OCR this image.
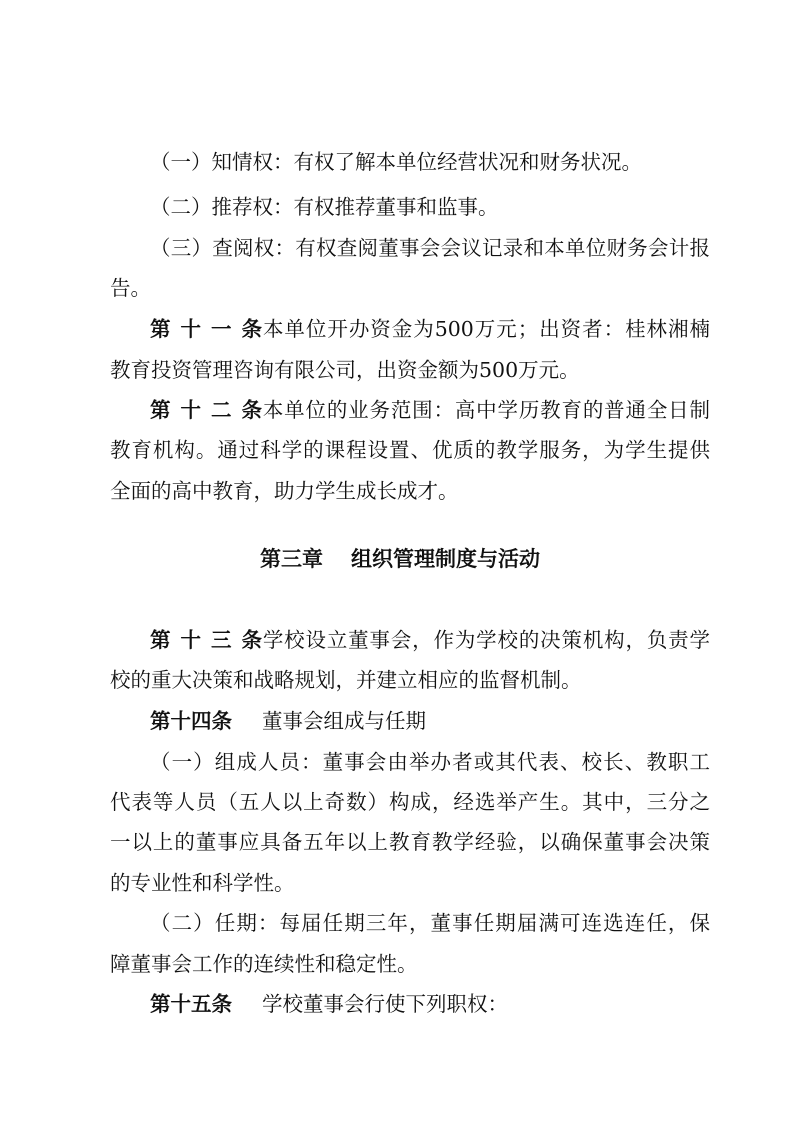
（一）知情权：有权了解本单位经营状况和财务状况。
（二）推荐权：有权推荐董事和监事。
（三）查阅权：有权查阅董事会会议记录和本单位财务会计报
告。
第十一条本单位开办资金为500万元；出资者：桂林湘楠
教育投资管理咨询有限公司，出资金额为500万元。
第十二条本单位的业务范围：高中学历教育的普通全日制
教育机构。通过科学的课程设置、优质的教学服务，为学生提供
全面的高中教育，助力学生成长成才。
第三章 组织管理制度与活动
第十三条学校设立董事会，作为学校的决策机构，负责学
校的重大决策和战略规划，并建立相应的监督机制。
第十四条 董事会组成与任期
（一）组成人员：董事会由举办者或其代表、校长、教职工
代表等人员（五人以上奇数）构成，经选举产生。其中，三分之
一以上的董事应具备五年以上教育教学经验，以确保董事会决策
的专业性和科学性。
（二）任期：每届任期三年，董事任期届满可连选连任，保
障董事会工作的连续性和稳定性。
第十五条 学校董事会行使下列职权：
